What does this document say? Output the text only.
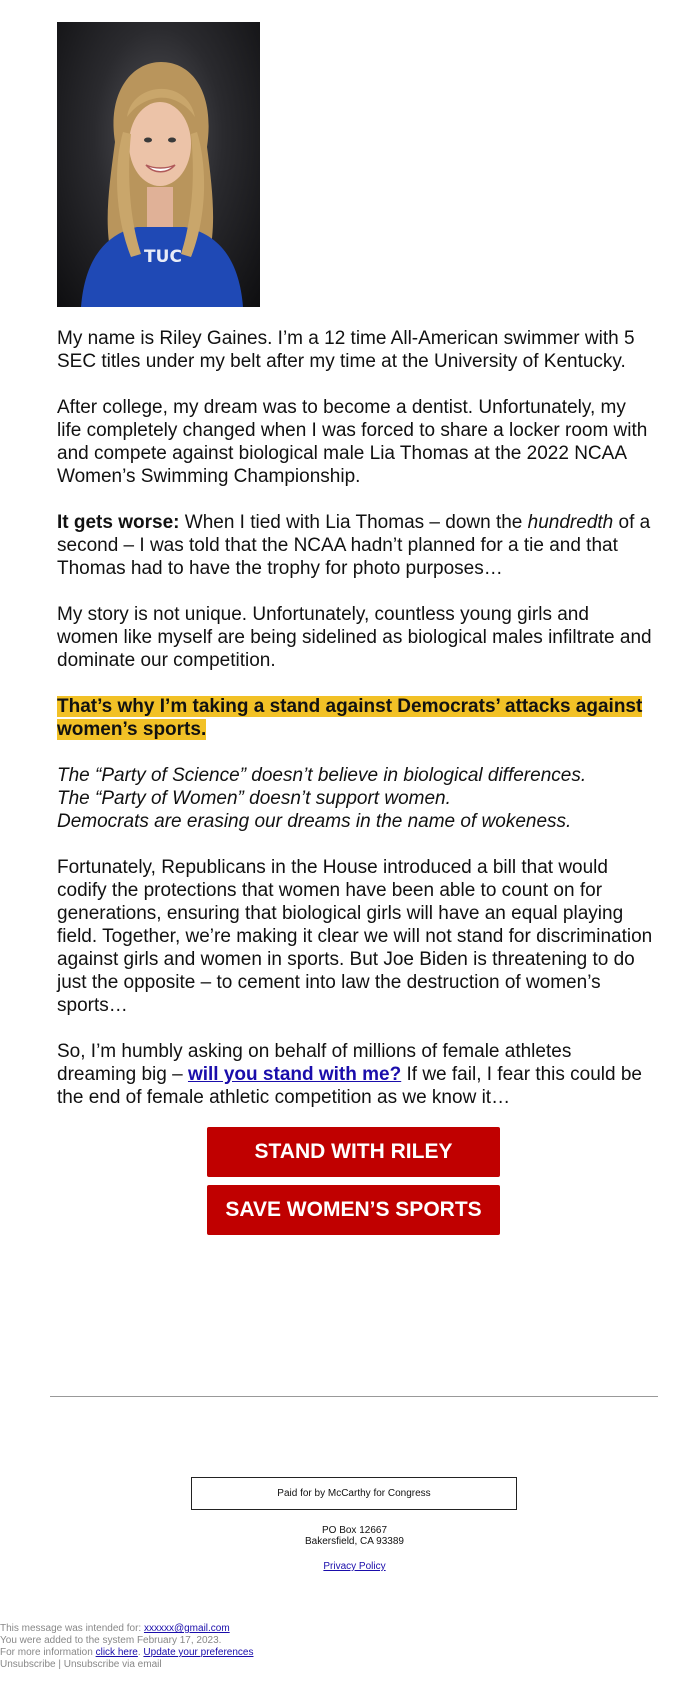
TUC

My name is Riley Gaines. I’m a 12 time All-American swimmer with 5 SEC titles under my belt after my time at the University of Kentucky.

After college, my dream was to become a dentist. Unfortunately, my life completely changed when I was forced to share a locker room with and compete against biological male Lia Thomas at the 2022 NCAA Women’s Swimming Championship.

It gets worse: When I tied with Lia Thomas – down the hundredth of a second – I was told that the NCAA hadn’t planned for a tie and that Thomas had to have the trophy for photo purposes…

My story is not unique. Unfortunately, countless young girls and women like myself are being sidelined as biological males infiltrate and dominate our competition.

That’s why I’m taking a stand against Democrats’ attacks against women’s sports.

The “Party of Science” doesn’t believe in biological differences.
The “Party of Women” doesn’t support women.
Democrats are erasing our dreams in the name of wokeness.

Fortunately, Republicans in the House introduced a bill that would codify the protections that women have been able to count on for generations, ensuring that biological girls will have an equal playing field. Together, we’re making it clear we will not stand for discrimination against girls and women in sports. But Joe Biden is threatening to do just the opposite – to cement into law the destruction of women’s sports…

So, I’m humbly asking on behalf of millions of female athletes dreaming big – will you stand with me? If we fail, I fear this could be the end of female athletic competition as we know it…

STAND WITH RILEY
SAVE WOMEN’S SPORTS
Paid for by McCarthy for Congress
PO Box 12667
Bakersfield, CA 93389
Privacy Policy
This message was intended for: xxxxxx@gmail.com
You were added to the system February 17, 2023.
For more information click here. Update your preferences
Unsubscribe | Unsubscribe via email
